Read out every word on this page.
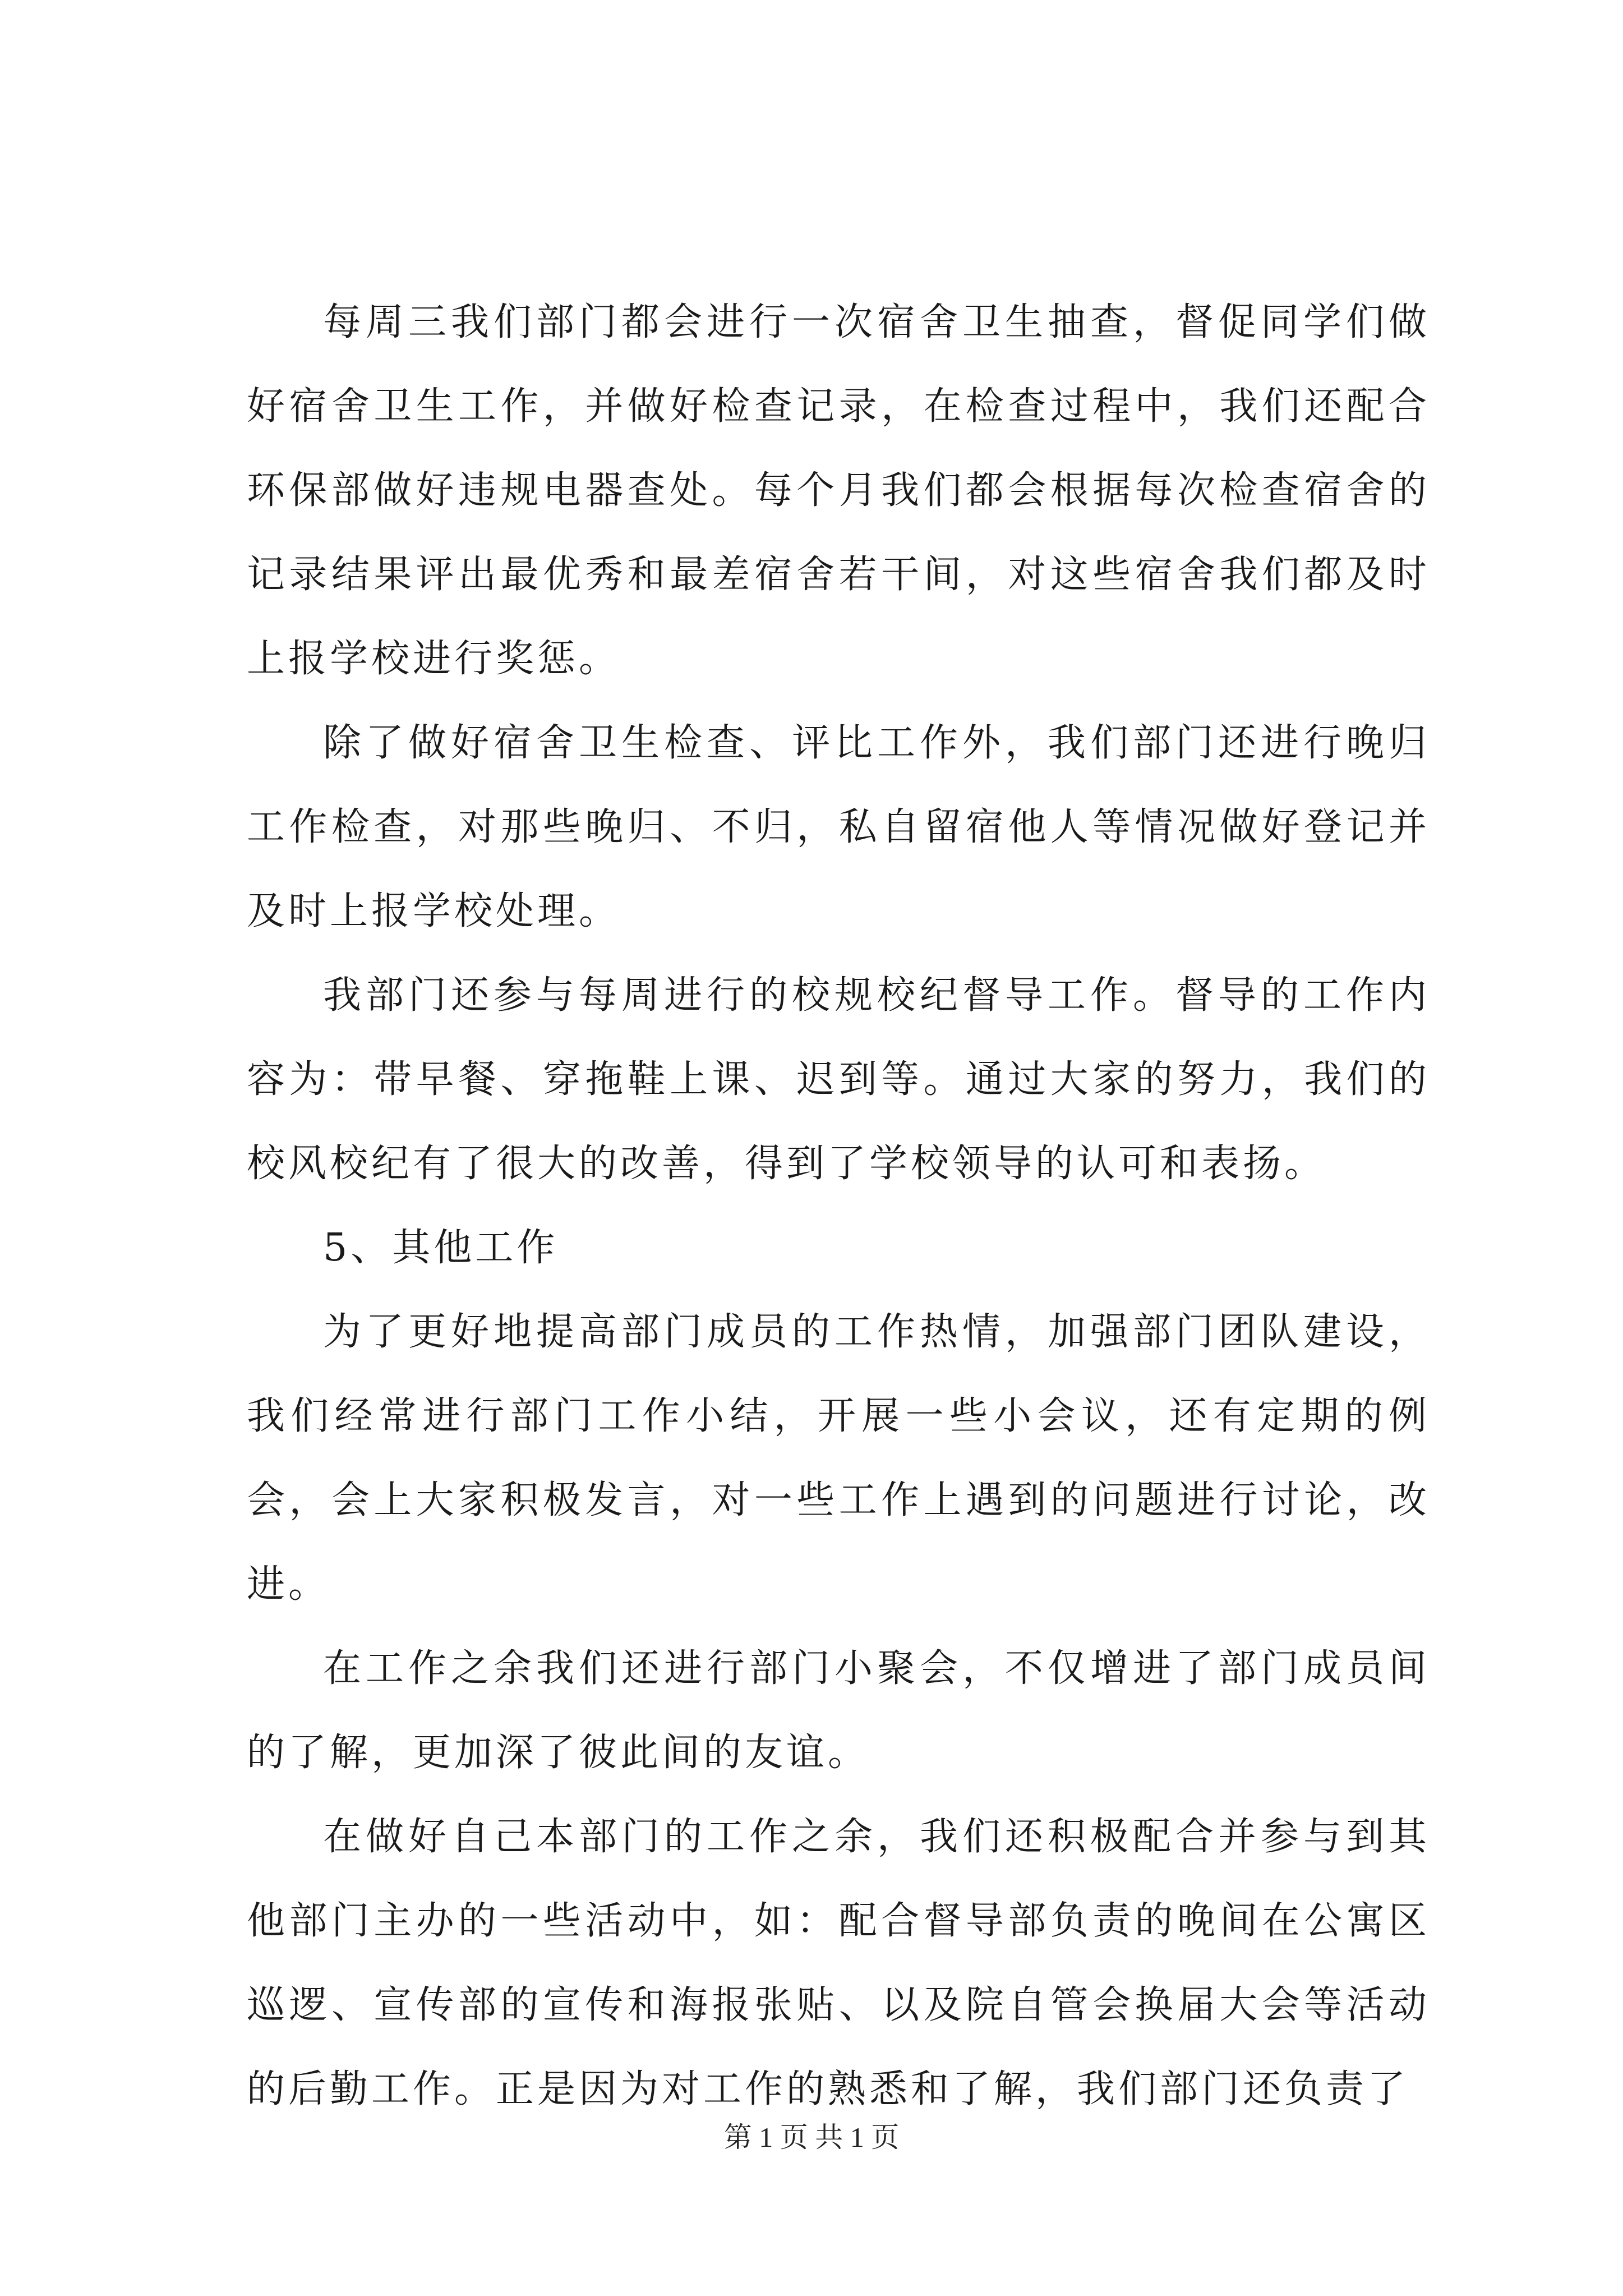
每周三我们部门都会进行一次宿舍卫生抽查，督促同学们做好宿舍卫生工作，并做好检查记录，在检查过程中，我们还配合环保部做好违规电器查处。每个月我们都会根据每次检查宿舍的记录结果评出最优秀和最差宿舍若干间，对这些宿舍我们都及时上报学校进行奖惩。

除了做好宿舍卫生检查、评比工作外，我们部门还进行晚归工作检查，对那些晚归、不归，私自留宿他人等情况做好登记并及时上报学校处理。

我部门还参与每周进行的校规校纪督导工作。督导的工作内容为：带早餐、穿拖鞋上课、迟到等。通过大家的努力，我们的校风校纪有了很大的改善，得到了学校领导的认可和表扬。

5、其他工作

为了更好地提高部门成员的工作热情，加强部门团队建设，我们经常进行部门工作小结，开展一些小会议，还有定期的例会，会上大家积极发言，对一些工作上遇到的问题进行讨论，改进。

在工作之余我们还进行部门小聚会，不仅增进了部门成员间的了解，更加深了彼此间的友谊。

在做好自己本部门的工作之余，我们还积极配合并参与到其他部门主办的一些活动中，如：配合督导部负责的晚间在公寓区巡逻、宣传部的宣传和海报张贴、以及院自管会换届大会等活动的后勤工作。正是因为对工作的熟悉和了解，我们部门还负责了

第 1 页 共 1 页
